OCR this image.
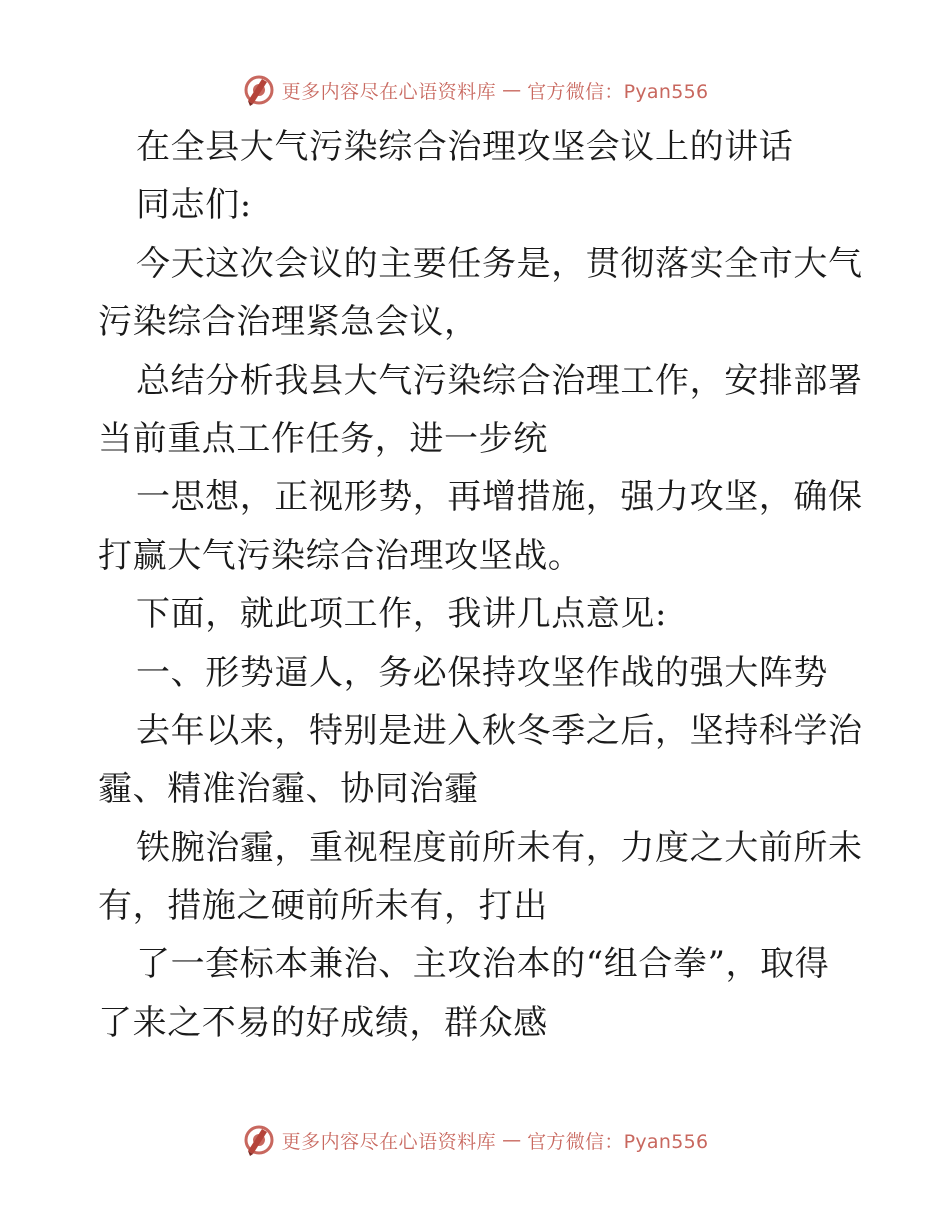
更多内容尽在心语资料库 — 官方微信：Pyan556
在全县大气污染综合治理攻坚会议上的讲话
同志们:
今天这次会议的主要任务是，贯彻落实全市大气
污染综合治理紧急会议，
总结分析我县大气污染综合治理工作，安排部署
当前重点工作任务，进一步统
一思想，正视形势，再增措施，强力攻坚，确保
打赢大气污染综合治理攻坚战。
下面，就此项工作，我讲几点意见:
一、形势逼人，务必保持攻坚作战的强大阵势
去年以来，特别是进入秋冬季之后，坚持科学治
霾、精准治霾、协同治霾
铁腕治霾，重视程度前所未有，力度之大前所未
有，措施之硬前所未有，打出
了一套标本兼治、主攻治本的“组合拳”，取得
了来之不易的好成绩，群众感
更多内容尽在心语资料库 — 官方微信：Pyan556
